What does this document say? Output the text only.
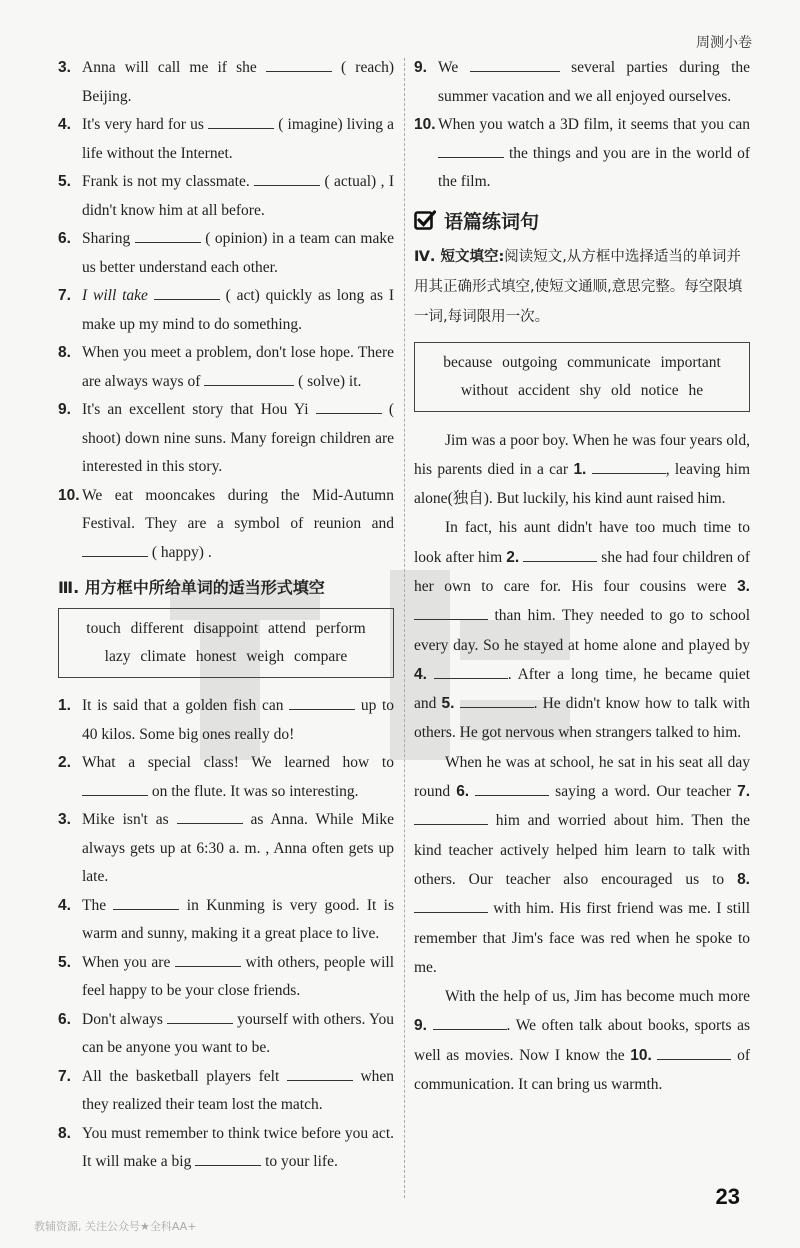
周测小卷

3. Anna will call me if she	( reach) Beijing.

4. It's very hard for us	( imagine) living a life without the Internet.

5. Frank is not my classmate.	( actual) , I didn't know him at all before.

6. Sharing	( opinion) in a team can make us better understand each other.

7. I will take	( act) quickly as long as I make up my mind to do something.

8. When you meet a problem, don't lose hope. There are always ways of	( solve) it.

9. It's an excellent story that Hou Yi	( shoot) down nine suns. Many foreign children are interested in this story.

10. We eat mooncakes during the Mid-Autumn Festival. They are a symbol of reunion and  ( happy) .

Ⅲ. 用方框中所给单词的适当形式填空
touch different disappoint attend perform
lazy climate honest weigh compare

1. It is said that a golden fish can	up to 40 kilos. Some big ones really do!

2. What a special class! We learned how to  on the flute. It was so interesting.

3. Mike isn't as	as Anna. While Mike always gets up at 6:30 a. m. , Anna often gets up late.

4. The	in Kunming is very good. It is warm and sunny, making it a great place to live.

5. When you are	with others, people will feel happy to be your close friends.

6. Don't always	yourself with others. You can be anyone you want to be.

7. All the basketball players felt	when they realized their team lost the match.

8. You must remember to think twice before you act. It will make a big	to your life.

9. We	several parties during the summer vacation and we all enjoyed ourselves.

10. When you watch a 3D film, it seems that you can  the things and you are in the world of the film.

语篇练词句

Ⅳ. 短文填空:阅读短文,从方框中选择适当的单词并用其正确形式填空,使短文通顺,意思完整。每空限填一词,每词限用一次。

because outgoing communicate important
without accident shy old notice he

Jim was a poor boy. When he was four years old, his parents died in a car 1.	, leaving him alone(独自). But luckily, his kind aunt raised him.

In fact, his aunt didn't have too much time to look after him 2.	she had four children of her own to care for. His four cousins were 3.  than him. They needed to go to school every day. So he stayed at home alone and played by 4.	. After a long time, he became quiet and 5.	. He didn't know how to talk with others. He got nervous when strangers talked to him.

When he was at school, he sat in his seat all day round 6.	saying a word. Our teacher 7.  him and worried about him. Then the kind teacher actively helped him learn to talk with others. Our teacher also encouraged us to 8.  with him. His first friend was me. I still remember that Jim's face was red when he spoke to me.

With the help of us, Jim has become much more 9.	. We often talk about books, sports as well as movies. Now I know the 10.	of communication. It can bring us warmth.

教辅资源, 关注公众号★全科AA+
23
